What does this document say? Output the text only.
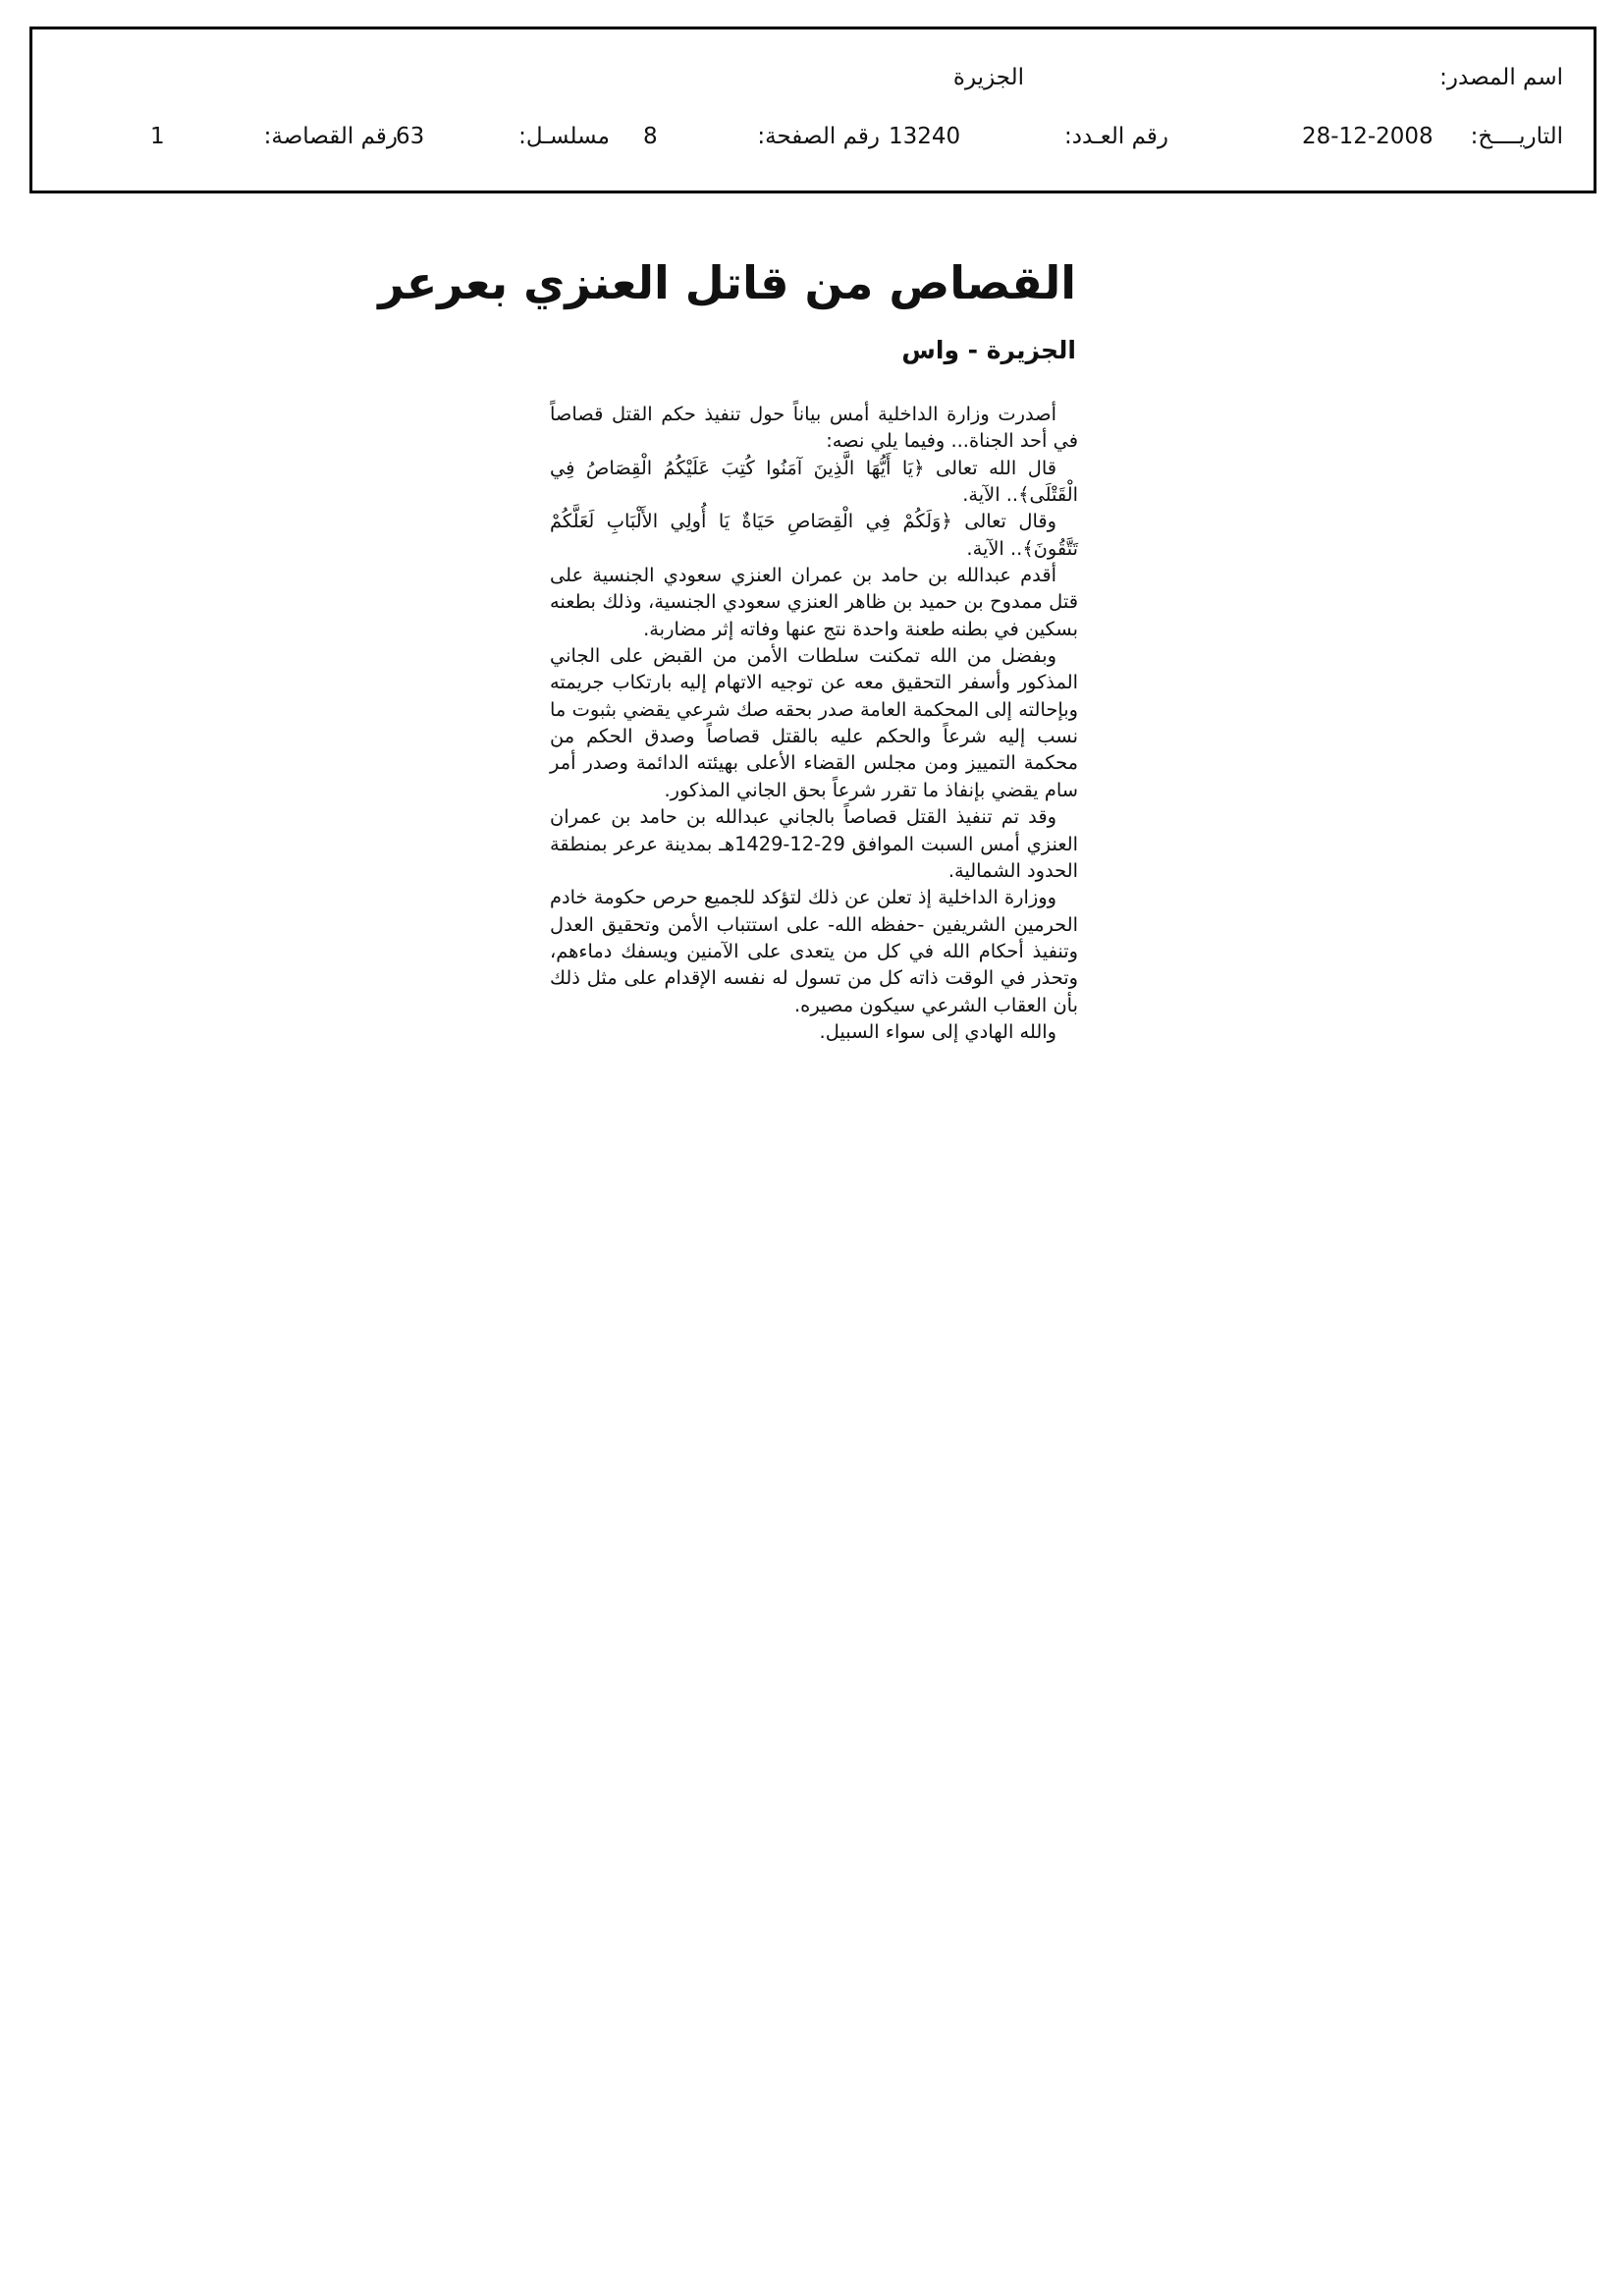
اسم المصدر:
الجزيرة
التاريــــخ:
28-12-2008
رقم العـدد:
13240
رقم الصفحة:
8
مسلسـل:
63
رقم القصاصة:
1
القصاص من قاتل العنزي بعرعر
الجزيرة - واس

أصدرت وزارة الداخلية أمس بياناً حول تنفيذ حكم القتل قصاصاً في أحد الجناة... وفيما يلي نصه:

قال الله تعالى ﴿يَا أَيُّهَا الَّذِينَ آمَنُوا كُتِبَ عَلَيْكُمُ الْقِصَاصُ فِي الْقَتْلَى﴾.. الآية.

وقال تعالى ﴿وَلَكُمْ فِي الْقِصَاصِ حَيَاةٌ يَا أُولِي الأَلْبَابِ لَعَلَّكُمْ تَتَّقُونَ﴾.. الآية.

أقدم عبدالله بن حامد بن عمران العنزي سعودي الجنسية على قتل ممدوح بن حميد بن ظاهر العنزي سعودي الجنسية، وذلك بطعنه بسكين في بطنه طعنة واحدة نتج عنها وفاته إثر مضاربة.

وبفضل من الله تمكنت سلطات الأمن من القبض على الجاني المذكور وأسفر التحقيق معه عن توجيه الاتهام إليه بارتكاب جريمته وبإحالته إلى المحكمة العامة صدر بحقه صك شرعي يقضي بثبوت ما نسب إليه شرعاً والحكم عليه بالقتل قصاصاً وصدق الحكم من محكمة التمييز ومن مجلس القضاء الأعلى بهيئته الدائمة وصدر أمر سام يقضي بإنفاذ ما تقرر شرعاً بحق الجاني المذكور.

وقد تم تنفيذ القتل قصاصاً بالجاني عبدالله بن حامد بن عمران العنزي أمس السبت الموافق 29-12-1429هـ بمدينة عرعر بمنطقة الحدود الشمالية.

ووزارة الداخلية إذ تعلن عن ذلك لتؤكد للجميع حرص حكومة خادم الحرمين الشريفين -حفظه الله- على استتباب الأمن وتحقيق العدل وتنفيذ أحكام الله في كل من يتعدى على الآمنين ويسفك دماءهم، وتحذر في الوقت ذاته كل من تسول له نفسه الإقدام على مثل ذلك بأن العقاب الشرعي سيكون مصيره.

والله الهادي إلى سواء السبيل.
